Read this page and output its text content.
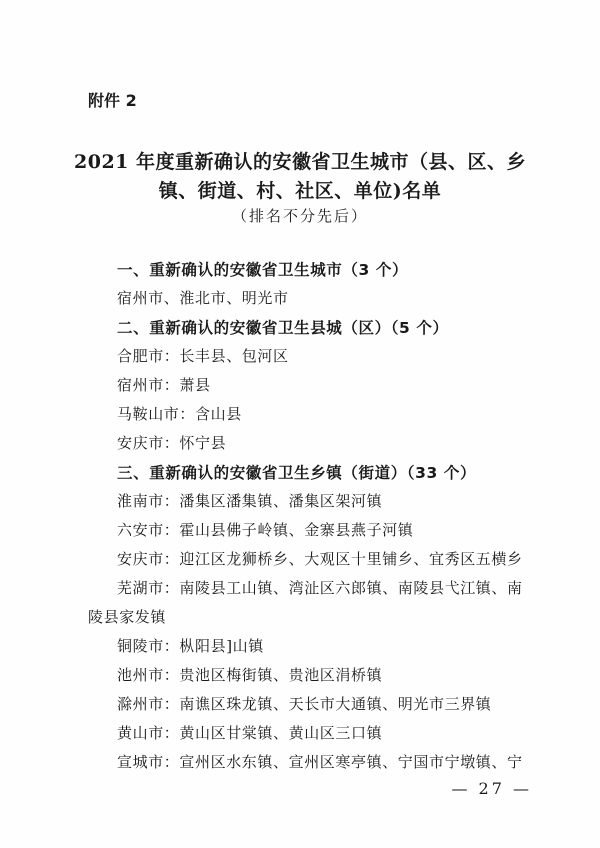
附件 2
2021 年度重新确认的安徽省卫生城市（县、区、乡
镇、街道、村、社区、单位)名单
（排名不分先后）
一、重新确认的安徽省卫生城市（3 个）
宿州市、淮北市、明光市
二、重新确认的安徽省卫生县城（区）（5 个）
合肥市：长丰县、包河区
宿州市：萧县
马鞍山市：含山县
安庆市：怀宁县
三、重新确认的安徽省卫生乡镇（街道）（33 个）
淮南市：潘集区潘集镇、潘集区架河镇
六安市：霍山县佛子岭镇、金寨县燕子河镇
安庆市：迎江区龙狮桥乡、大观区十里铺乡、宜秀区五横乡
芜湖市：南陵县工山镇、湾沚区六郎镇、南陵县弋江镇、南
陵县家发镇
铜陵市：枞阳县]山镇
池州市：贵池区梅街镇、贵池区涓桥镇
滁州市：南谯区珠龙镇、天长市大通镇、明光市三界镇
黄山市：黄山区甘棠镇、黄山区三口镇
宣城市：宣州区水东镇、宣州区寒亭镇、宁国市宁墩镇、宁
— 27 —
